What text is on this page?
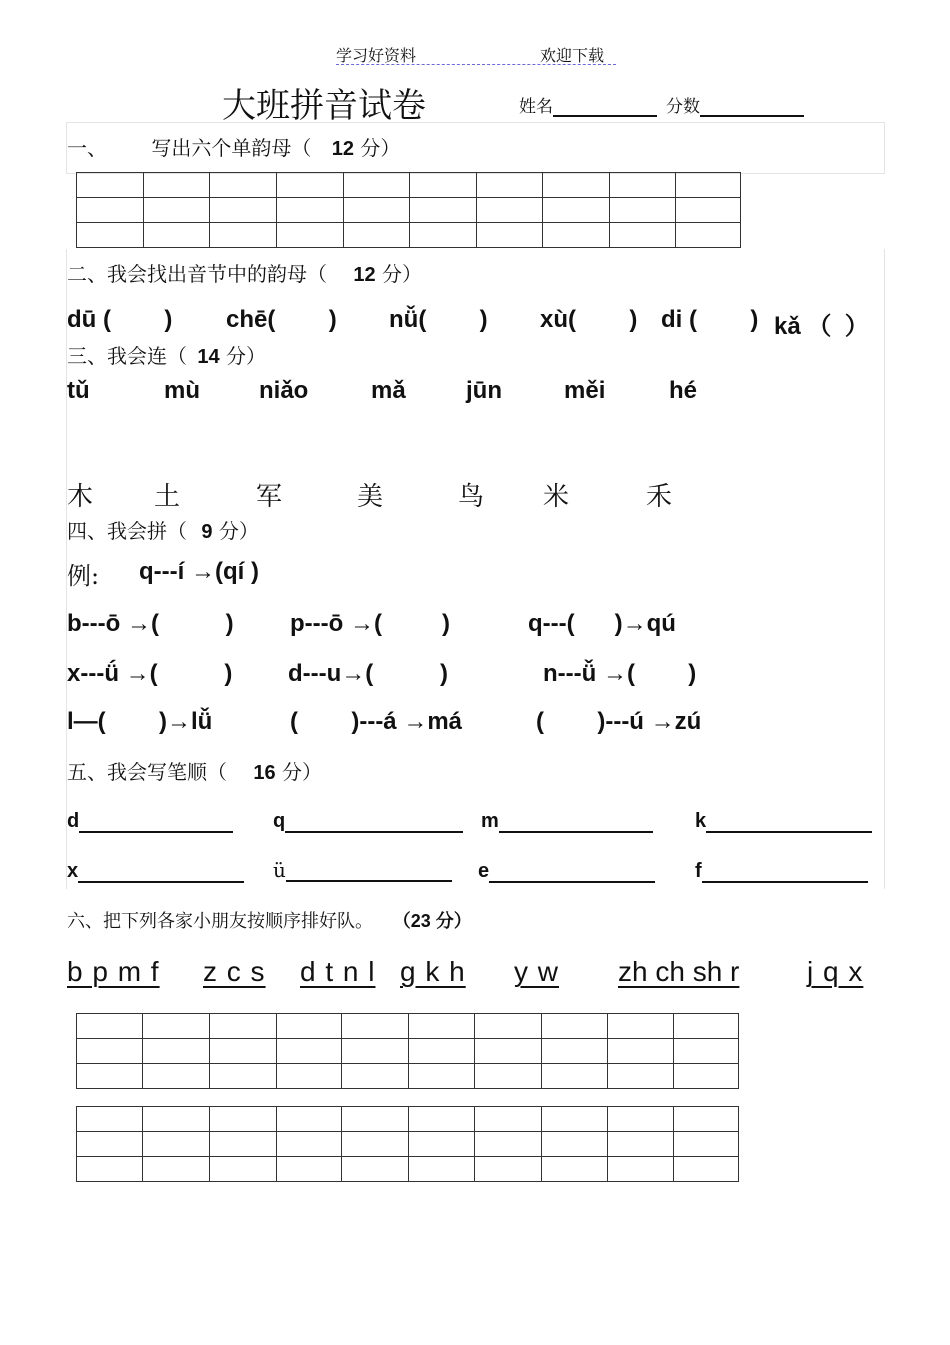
学习好资料	欢迎下载
大班拼音试卷	姓名	分数
一、 写出六个单韵母（ 12 分）

二、我会找出音节中的韵母（ 12 分）
dū (        ) chē(        ) nǚ(        ) xù(        ) di (        ) kǎ （  ）
三、我会连（ 14 分）
tǔ	mù niǎo	mǎ	jūn	měi	hé
木 土	军	美	鸟 米	禾
四、我会拼（ 9 分）
例: q---í →(qí )
b---ō →(          ) p---ō →(         )	q---(      )→qú
x---ǘ →(          ) d---u→(          )	n---ǚ →(        )
l—(        )→lǚ	(        )---á →má	(        )---ú →zú
五、我会写笔顺（ 16 分）
d	q	m	k
x	ü	e	f
六、把下列各家小朋友按顺序排好队。 （23 分）
b p m f z c s d t n l g k h y w zh ch sh r j q x
